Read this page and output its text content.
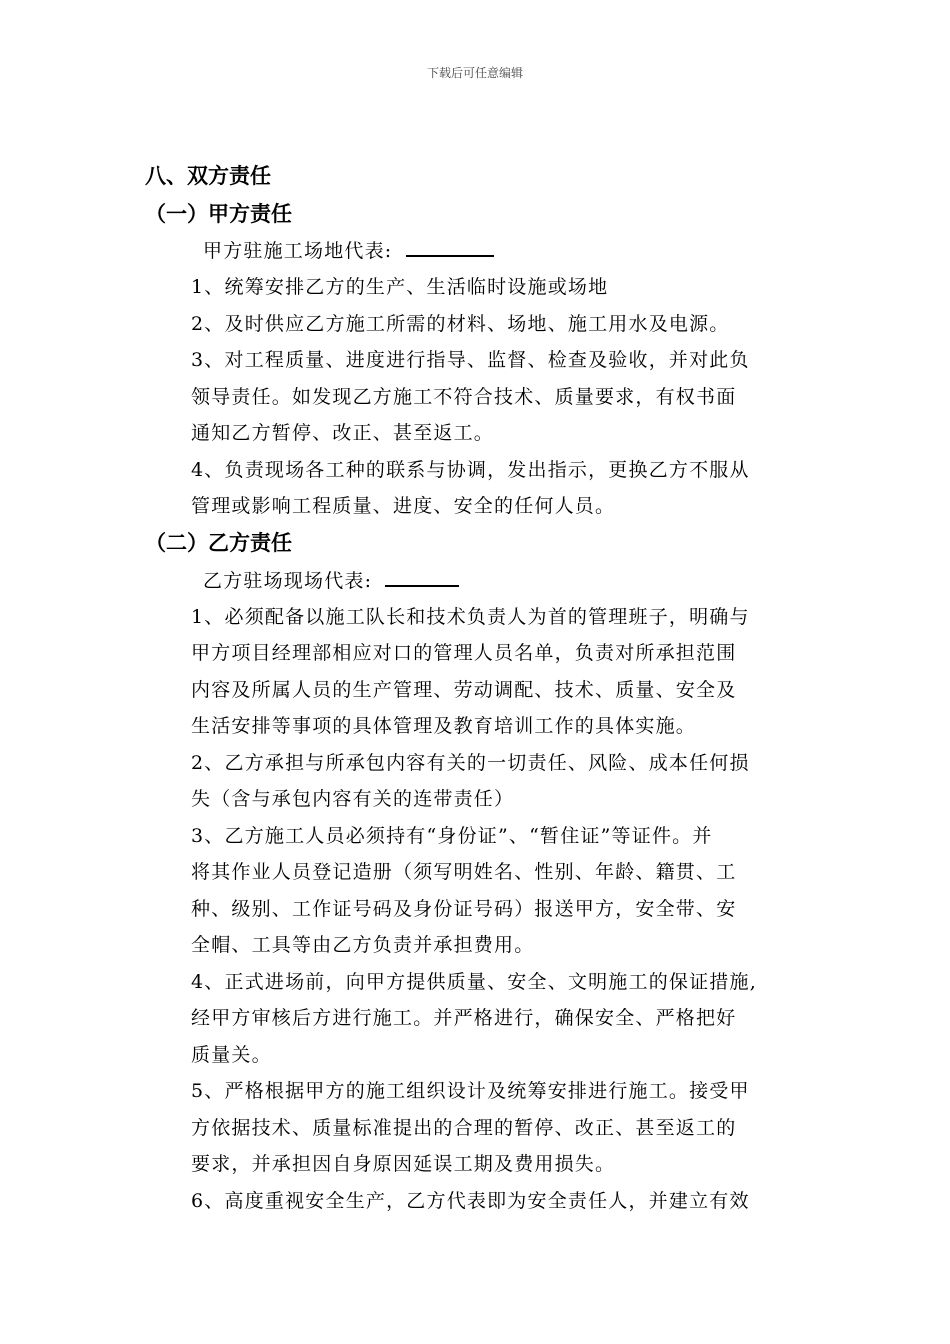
下载后可任意编辑
八、双方责任
（一）甲方责任
甲方驻施工场地代表:
1、统筹安排乙方的生产、生活临时设施或场地
2、及时供应乙方施工所需的材料、场地、施工用水及电源。
3、对工程质量、进度进行指导、监督、检查及验收，并对此负
领导责任。如发现乙方施工不符合技术、质量要求，有权书面
通知乙方暂停、改正、甚至返工。
4、负责现场各工种的联系与协调，发出指示，更换乙方不服从
管理或影响工程质量、进度、安全的任何人员。
（二）乙方责任
乙方驻场现场代表:
1、必须配备以施工队长和技术负责人为首的管理班子，明确与
甲方项目经理部相应对口的管理人员名单，负责对所承担范围
内容及所属人员的生产管理、劳动调配、技术、质量、安全及
生活安排等事项的具体管理及教育培训工作的具体实施。
2、乙方承担与所承包内容有关的一切责任、风险、成本任何损
失（含与承包内容有关的连带责任）
3、乙方施工人员必须持有“身份证”、“暂住证”等证件。并
将其作业人员登记造册（须写明姓名、性别、年龄、籍贯、工
种、级别、工作证号码及身份证号码）报送甲方，安全带、安
全帽、工具等由乙方负责并承担费用。
4、正式进场前，向甲方提供质量、安全、文明施工的保证措施,
经甲方审核后方进行施工。并严格进行，确保安全、严格把好
质量关。
5、严格根据甲方的施工组织设计及统筹安排进行施工。接受甲
方依据技术、质量标准提出的合理的暂停、改正、甚至返工的
要求，并承担因自身原因延误工期及费用损失。
6、高度重视安全生产，乙方代表即为安全责任人，并建立有效
